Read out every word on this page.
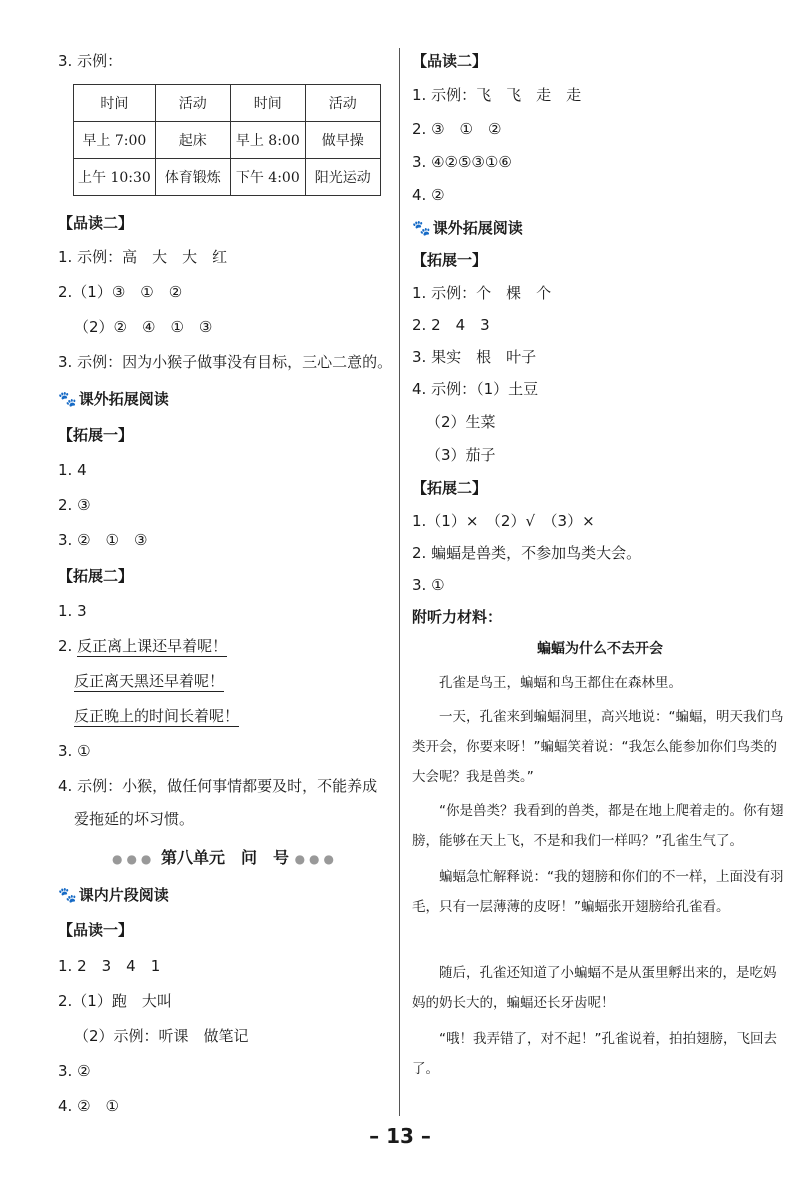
3. 示例：
时间	活动	时间	活动
早上 7:00	起床	早上 8:00	做早操
上午 10:30	体育锻炼	下午 4:00	阳光运动
【品读二】
1. 示例：高　大　大　红
2.（1）③　①　②
（2）②　④　①　③
3. 示例：因为小猴子做事没有目标，三心二意的。
🐾 课外拓展阅读
【拓展一】
1. 4
2. ③
3. ②　①　③
【拓展二】
1. 3
2. 反正离上课还早着呢！
反正离天黑还早着呢！
反正晚上的时间长着呢！
3. ①
4. 示例：小猴，做任何事情都要及时，不能养成
爱拖延的坏习惯。
●●● 第八单元　问　号 ●●●
🐾 课内片段阅读
【品读一】
1. 2　3　4　1
2.（1）跑　大叫
（2）示例：听课　做笔记
3. ②
4. ②　①
【品读二】
1. 示例：飞　飞　走　走
2. ③　①　②
3. ④②⑤③①⑥
4. ②
🐾 课外拓展阅读
【拓展一】
1. 示例：个　棵　个
2. 2　4　3
3. 果实　根　叶子
4. 示例：（1）土豆
（2）生菜
（3）茄子
【拓展二】
1.（1）×　（2）√　（3）×
2. 蝙蝠是兽类，不参加鸟类大会。
3. ①
附听力材料：
蝙蝠为什么不去开会
孔雀是鸟王，蝙蝠和鸟王都住在森林里。
一天，孔雀来到蝙蝠洞里，高兴地说：“蝙蝠，明天我们鸟类开会，你要来呀！”蝙蝠笑着说：“我怎么能参加你们鸟类的大会呢？我是兽类。”
“你是兽类？我看到的兽类，都是在地上爬着走的。你有翅膀，能够在天上飞，不是和我们一样吗？”孔雀生气了。
蝙蝠急忙解释说：“我的翅膀和你们的不一样，上面没有羽毛，只有一层薄薄的皮呀！”蝙蝠张开翅膀给孔雀看。
随后，孔雀还知道了小蝙蝠不是从蛋里孵出来的，是吃妈妈的奶长大的，蝙蝠还长牙齿呢！
“哦！我弄错了，对不起！”孔雀说着，拍拍翅膀，飞回去了。
– 13 –
